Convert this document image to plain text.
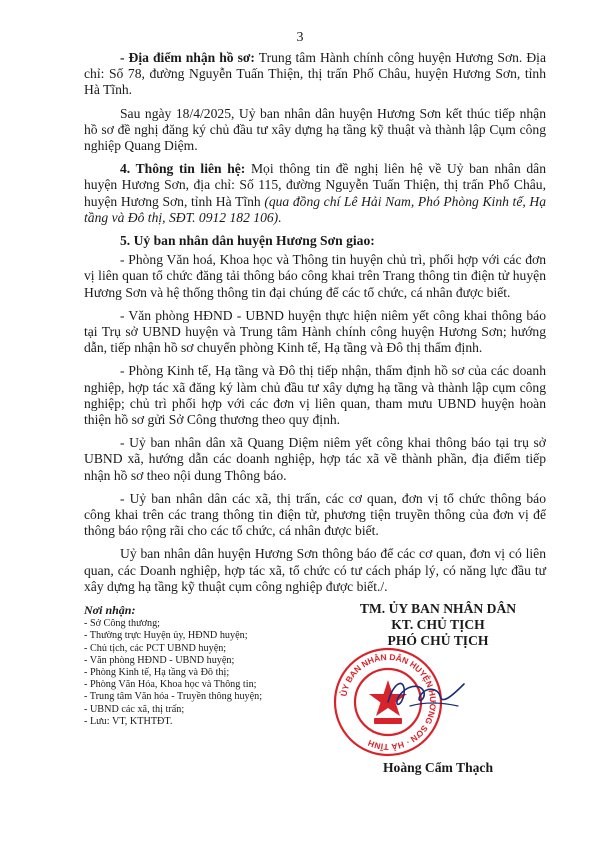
3

- Địa điểm nhận hồ sơ: Trung tâm Hành chính công huyện Hương Sơn. Địa chỉ: Số 78, đường Nguyễn Tuấn Thiện, thị trấn Phố Châu, huyện Hương Sơn, tỉnh Hà Tĩnh.

Sau ngày 18/4/2025, Uỷ ban nhân dân huyện Hương Sơn kết thúc tiếp nhận hồ sơ đề nghị đăng ký chủ đầu tư xây dựng hạ tầng kỹ thuật và thành lập Cụm công nghiệp Quang Diệm.

4. Thông tin liên hệ: Mọi thông tin đề nghị liên hệ về Uỷ ban nhân dân huyện Hương Sơn, địa chỉ: Số 115, đường Nguyễn Tuấn Thiện, thị trấn Phố Châu, huyện Hương Sơn, tỉnh Hà Tĩnh (qua đồng chí Lê Hải Nam, Phó Phòng Kinh tế, Hạ tầng và Đô thị, SĐT. 0912 182 106).

5. Uỷ ban nhân dân huyện Hương Sơn giao:

- Phòng Văn hoá, Khoa học và Thông tin huyện chủ trì, phối hợp với các đơn vị liên quan tổ chức đăng tải thông báo công khai trên Trang thông tin điện tử huyện Hương Sơn và hệ thống thông tin đại chúng để các tổ chức, cá nhân được biết.

- Văn phòng HĐND - UBND huyện thực hiện niêm yết công khai thông báo tại Trụ sở UBND huyện và Trung tâm Hành chính công huyện Hương Sơn; hướng dẫn, tiếp nhận hồ sơ chuyển phòng Kinh tế, Hạ tầng và Đô thị thẩm định.

- Phòng Kinh tế, Hạ tầng và Đô thị tiếp nhận, thẩm định hồ sơ của các doanh nghiệp, hợp tác xã đăng ký làm chủ đầu tư xây dựng hạ tầng và thành lập cụm công nghiệp; chủ trì phối hợp với các đơn vị liên quan, tham mưu UBND huyện hoàn thiện hồ sơ gửi Sở Công thương theo quy định.

- Uỷ ban nhân dân xã Quang Diệm niêm yết công khai thông báo tại trụ sở UBND xã, hướng dẫn các doanh nghiệp, hợp tác xã về thành phần, địa điểm tiếp nhận hồ sơ theo nội dung Thông báo.

- Uỷ ban nhân dân các xã, thị trấn, các cơ quan, đơn vị tổ chức thông báo công khai trên các trang thông tin điện tử, phương tiện truyền thông của đơn vị để thông báo rộng rãi cho các tổ chức, cá nhân được biết.

Uỷ ban nhân dân huyện Hương Sơn thông báo để các cơ quan, đơn vị có liên quan, các Doanh nghiệp, hợp tác xã, tổ chức có tư cách pháp lý, có năng lực đầu tư xây dựng hạ tầng kỹ thuật cụm công nghiệp được biết./.

Nơi nhận:
- Sở Công thương;
- Thường trực Huyện ủy, HĐND huyện;
- Chủ tịch, các PCT UBND huyện;
- Văn phòng HĐND - UBND huyện;
- Phòng Kinh tế, Hạ tầng và Đô thị;
- Phòng Văn Hóa, Khoa học và Thông tin;
- Trung tâm Văn hóa - Truyền thông huyện;
- UBND các xã, thị trấn;
- Lưu: VT, KTHTĐT.
TM. ỦY BAN NHÂN DÂN
KT. CHỦ TỊCH
PHÓ CHỦ TỊCH
ỦY BAN NHÂN DÂN HUYỆN HƯƠNG SƠN · HÀ TĨNH
Hoàng Cẩm Thạch
